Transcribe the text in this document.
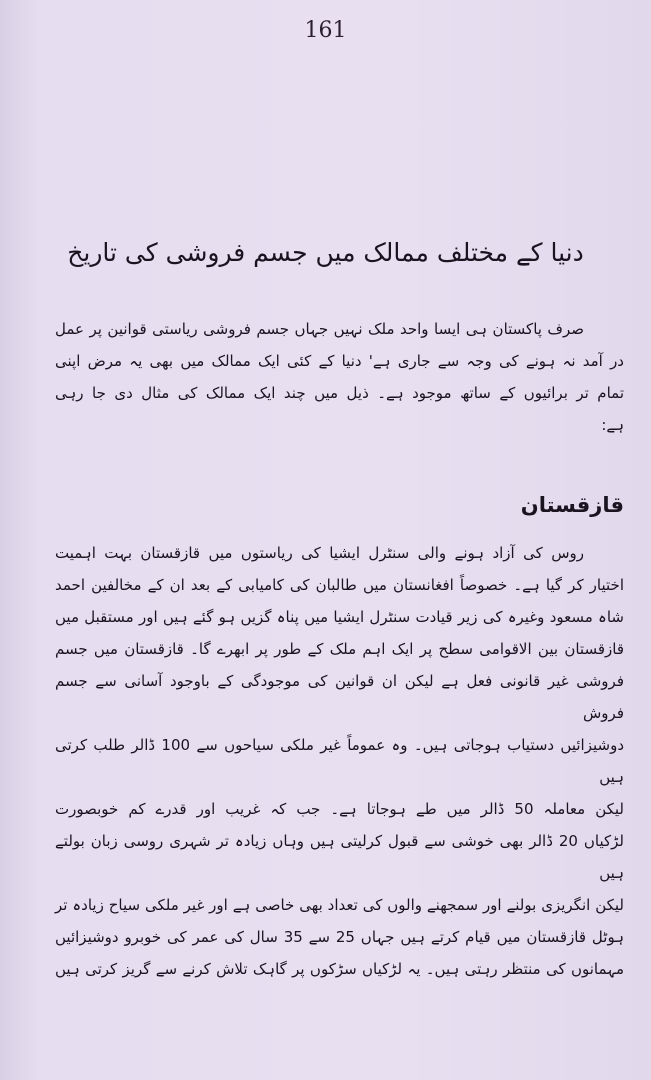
161
دنیا کے مختلف ممالک میں جسم فروشی کی تاریخ
صرف پاکستان ہی ایسا واحد ملک نہیں جہاں جسم فروشی ریاستی قوانین پر عمل
در آمد نہ ہونے کی وجہ سے جاری ہے' دنیا کے کئی ایک ممالک میں بھی یہ مرض اپنی
تمام تر برائیوں کے ساتھ موجود ہے۔ ذیل میں چند ایک ممالک کی مثال دی جا رہی
ہے:
قازقستان
روس کی آزاد ہونے والی سنٹرل ایشیا کی ریاستوں میں قازقستان بہت اہمیت
اختیار کر گیا ہے۔ خصوصاً افغانستان میں طالبان کی کامیابی کے بعد ان کے مخالفین احمد
شاہ مسعود وغیرہ کی زیر قیادت سنٹرل ایشیا میں پناہ گزیں ہو گئے ہیں اور مستقبل میں
قازقستان بین الاقوامی سطح پر ایک اہم ملک کے طور پر ابھرے گا۔ قازقستان میں جسم
فروشی غیر قانونی فعل ہے لیکن ان قوانین کی موجودگی کے باوجود آسانی سے جسم فروش
دوشیزائیں دستیاب ہوجاتی ہیں۔ وہ عموماً غیر ملکی سیاحوں سے 100 ڈالر طلب کرتی ہیں
لیکن معاملہ 50 ڈالر میں طے ہوجاتا ہے۔ جب کہ غریب اور قدرے کم خوبصورت
لڑکیاں 20 ڈالر بھی خوشی سے قبول کرلیتی ہیں وہاں زیادہ تر شہری روسی زبان بولتے ہیں
لیکن انگریزی بولنے اور سمجھنے والوں کی تعداد بھی خاصی ہے اور غیر ملکی سیاح زیادہ تر
ہوٹل قازقستان میں قیام کرتے ہیں جہاں 25 سے 35 سال کی عمر کی خوبرو دوشیزائیں
مہمانوں کی منتظر رہتی ہیں۔ یہ لڑکیاں سڑکوں پر گاہک تلاش کرنے سے گریز کرتی ہیں
